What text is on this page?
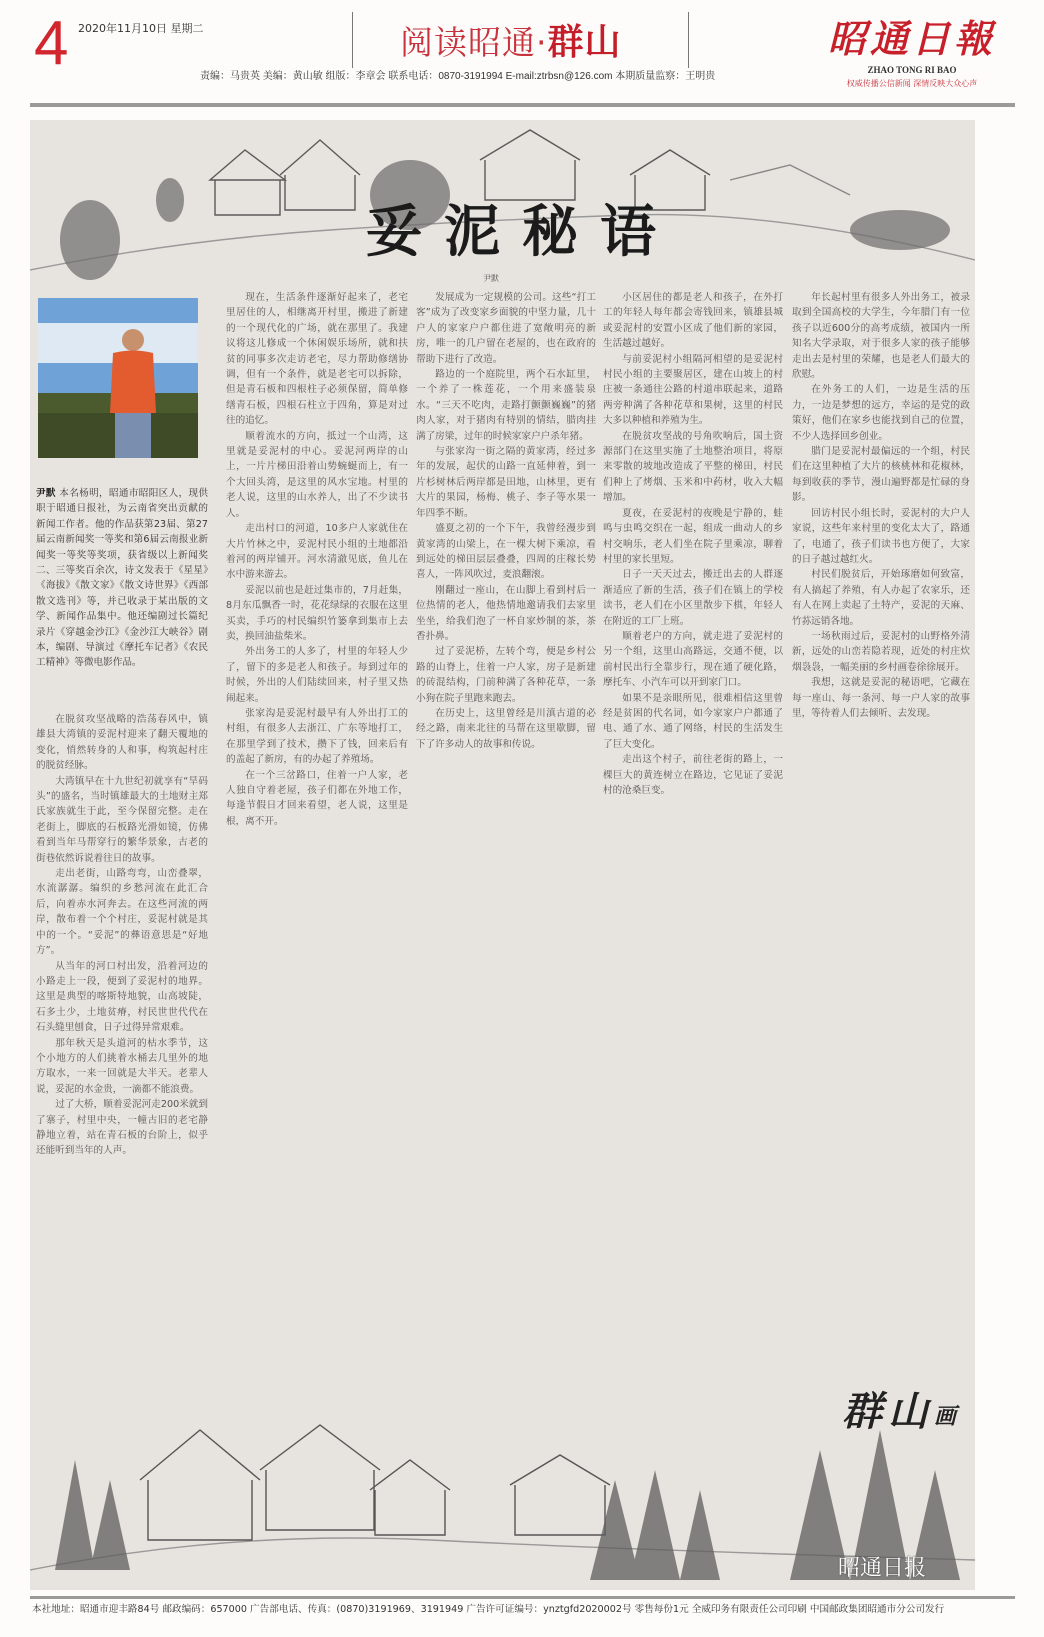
4 2020年11月10日 星期二	阅读昭通·群山
责编：马贵英 美编：黄山敏 组版：李章会 联系电话：0870-3191994 E-mail:ztrbsn@126.com 本期质量监察：王明贵
昭通日報
ZHAO TONG RI BAO
权威传播公信新闻 深情反映大众心声
妥泥秘语
尹默
尹默 本名杨明，昭通市昭阳区人，现供职于昭通日报社，为云南省突出贡献的新闻工作者。他的作品获第23届、第27届云南新闻奖一等奖和第6届云南报业新闻奖一等奖等奖项，获省级以上新闻奖二、三等奖百余次，诗文发表于《星星》《海拔》《散文家》《散文诗世界》《西部散文选刊》等，并已收录于某出版的文学、新闻作品集中。他还编剧过长篇纪录片《穿越金沙江》《金沙江大峡谷》剧本，编剧、导演过《摩托车记者》《农民工精神》等微电影作品。

在脱贫攻坚战略的浩荡春风中，镇雄县大湾镇的妥泥村迎来了翻天覆地的变化，悄然转身的人和事，构筑起村庄的脱贫经脉。

大湾镇早在十九世纪初就享有“旱码头”的盛名，当时镇雄最大的土地财主郑氏家族就生于此，至今保留完整。走在老街上，脚底的石板路光滑如镜，仿佛看到当年马帮穿行的繁华景象，古老的街巷依然诉说着往日的故事。

走出老街，山路弯弯，山峦叠翠，水流潺潺。编织的乡愁河流在此汇合后，向着赤水河奔去。在这些河流的两岸，散布着一个个村庄，妥泥村就是其中的一个。“妥泥”的彝语意思是“好地方”。

从当年的河口村出发，沿着河边的小路走上一段，便到了妥泥村的地界。这里是典型的喀斯特地貌，山高坡陡，石多土少，土地贫瘠，村民世世代代在石头缝里刨食，日子过得异常艰难。

那年秋天是头道河的枯水季节，这个小地方的人们挑着水桶去几里外的地方取水，一来一回就是大半天。老辈人说，妥泥的水金贵，一滴都不能浪费。

过了大桥，顺着妥泥河走200米就到了寨子，村里中央，一幢古旧的老宅静静地立着，站在青石板的台阶上，似乎还能听到当年的人声。

现在，生活条件逐渐好起来了，老宅里居住的人，相继离开村里，搬进了新建的一个现代化的广场，就在那里了。我建议将这儿修成一个休闲娱乐场所，就和扶贫的同事多次走访老宅，尽力帮助修缮协调，但有一个条件，就是老宅可以拆除，但是青石板和四根柱子必须保留，简单修缮青石板，四根石柱立于四角，算是对过往的追忆。

顺着流水的方向，抵过一个山湾，这里就是妥泥村的中心。妥泥河两岸的山上，一片片梯田沿着山势蜿蜒而上，有一个大回头湾，是这里的风水宝地。村里的老人说，这里的山水养人，出了不少读书人。

走出村口的河道，10多户人家就住在大片竹林之中，妥泥村民小组的土地都沿着河的两岸铺开。河水清澈见底，鱼儿在水中游来游去。

妥泥以前也是赶过集市的，7月赶集，8月东瓜飘香一时，花花绿绿的衣服在这里买卖，手巧的村民编织竹篓拿到集市上去卖，换回油盐柴米。

外出务工的人多了，村里的年轻人少了，留下的多是老人和孩子。每到过年的时候，外出的人们陆续回来，村子里又热闹起来。

张家沟是妥泥村最早有人外出打工的村组，有很多人去浙江、广东等地打工，在那里学到了技术，攒下了钱，回来后有的盖起了新房，有的办起了养殖场。

在一个三岔路口，住着一户人家，老人独自守着老屋，孩子们都在外地工作，每逢节假日才回来看望，老人说，这里是根，离不开。

发展成为一定规模的公司。这些“打工客”成为了改变家乡面貌的中坚力量，几十户人的家家户户都住进了宽敞明亮的新房，唯一的几户留在老屋的，也在政府的帮助下进行了改造。

路边的一个庭院里，两个石水缸里，一个养了一株莲花，一个用来盛装泉水。“三天不吃肉，走路打颤颤巍巍”的猪肉人家，对于猪肉有特别的情结，腊肉挂满了房梁，过年的时候家家户户杀年猪。

与张家沟一街之隔的黄家湾，经过多年的发展，起伏的山路一直延伸着，到一片杉树林后两岸都是田地，山林里，更有大片的果园，杨梅、桃子、李子等水果一年四季不断。

盛夏之初的一个下午，我曾经漫步到黄家湾的山梁上，在一棵大树下乘凉，看到远处的梯田层层叠叠，四周的庄稼长势喜人，一阵风吹过，麦浪翻滚。

刚翻过一座山，在山脚上看到村后一位热情的老人，他热情地邀请我们去家里坐坐，给我们泡了一杯自家炒制的茶，茶香扑鼻。

过了妥泥桥，左转个弯，便是乡村公路的山脊上，住着一户人家，房子是新建的砖混结构，门前种满了各种花草，一条小狗在院子里跑来跑去。

在历史上，这里曾经是川滇古道的必经之路，南来北往的马帮在这里歇脚，留下了许多动人的故事和传说。

小区居住的都是老人和孩子，在外打工的年轻人每年都会寄钱回来，镇雄县城或妥泥村的安置小区成了他们新的家园，生活越过越好。

与前妥泥村小组隔河相望的是妥泥村村民小组的主要聚居区，建在山坡上的村庄被一条通往公路的村道串联起来，道路两旁种满了各种花草和果树，这里的村民大多以种植和养殖为生。

在脱贫攻坚战的号角吹响后，国土资源部门在这里实施了土地整治项目，将原来零散的坡地改造成了平整的梯田，村民们种上了烤烟、玉米和中药材，收入大幅增加。

夏夜，在妥泥村的夜晚是宁静的，蛙鸣与虫鸣交织在一起，组成一曲动人的乡村交响乐，老人们坐在院子里乘凉，聊着村里的家长里短。

日子一天天过去，搬迁出去的人群逐渐适应了新的生活，孩子们在镇上的学校读书，老人们在小区里散步下棋，年轻人在附近的工厂上班。

顺着老户的方向，就走进了妥泥村的另一个组，这里山高路远，交通不便，以前村民出行全靠步行，现在通了硬化路，摩托车、小汽车可以开到家门口。

如果不是亲眼所见，很难相信这里曾经是贫困的代名词，如今家家户户都通了电、通了水、通了网络，村民的生活发生了巨大变化。

走出这个村子，前往老街的路上，一棵巨大的黄连树立在路边，它见证了妥泥村的沧桑巨变。

年长起村里有很多人外出务工，被录取到全国高校的大学生，今年腊门有一位孩子以近600分的高考成绩，被国内一所知名大学录取，对于很多人家的孩子能够走出去是村里的荣耀，也是老人们最大的欣慰。

在外务工的人们，一边是生活的压力，一边是梦想的远方，幸运的是党的政策好，他们在家乡也能找到自己的位置，不少人选择回乡创业。

腊门是妥泥村最偏远的一个组，村民们在这里种植了大片的核桃林和花椒林，每到收获的季节，漫山遍野都是忙碌的身影。

回访村民小组长时，妥泥村的大户人家说，这些年来村里的变化太大了，路通了，电通了，孩子们读书也方便了，大家的日子越过越红火。

村民们脱贫后，开始琢磨如何致富，有人搞起了养殖，有人办起了农家乐，还有人在网上卖起了土特产，妥泥的天麻、竹荪远销各地。

一场秋雨过后，妥泥村的山野格外清新，远处的山峦若隐若现，近处的村庄炊烟袅袅，一幅美丽的乡村画卷徐徐展开。

我想，这就是妥泥的秘语吧，它藏在每一座山、每一条河、每一户人家的故事里，等待着人们去倾听、去发现。

群山画
本社地址：昭通市迎丰路84号 邮政编码：657000 广告部电话、传真：(0870)3191969、3191949 广告许可证编号：ynztgfd2020002号 零售每份1元 全威印务有限责任公司印刷 中国邮政集团昭通市分公司发行
昭通日报
